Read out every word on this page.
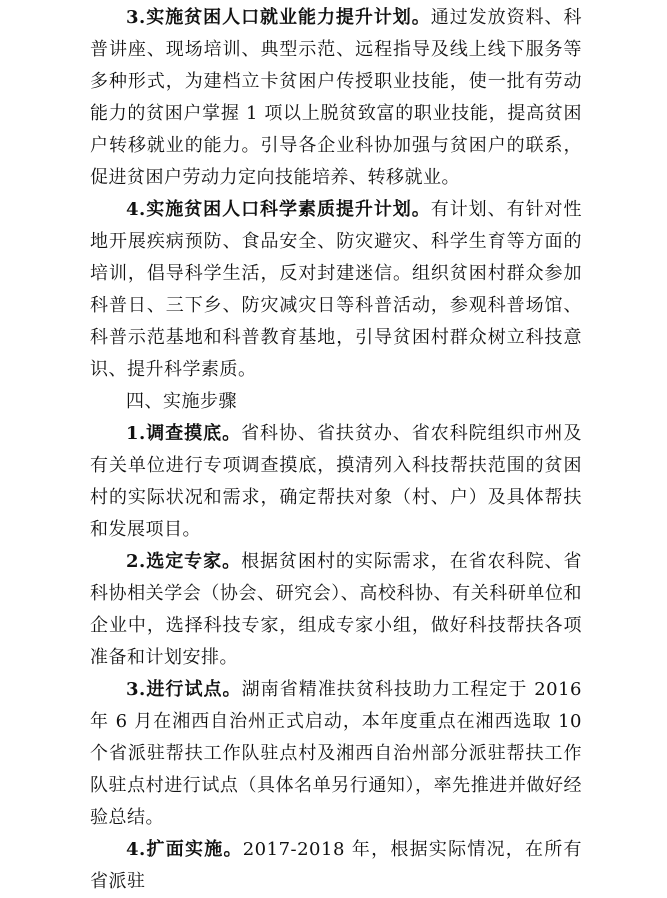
3.实施贫困人口就业能力提升计划。通过发放资料、科普讲座、现场培训、典型示范、远程指导及线上线下服务等多种形式，为建档立卡贫困户传授职业技能，使一批有劳动能力的贫困户掌握 1 项以上脱贫致富的职业技能，提高贫困户转移就业的能力。引导各企业科协加强与贫困户的联系，促进贫困户劳动力定向技能培养、转移就业。

4.实施贫困人口科学素质提升计划。有计划、有针对性地开展疾病预防、食品安全、防灾避灾、科学生育等方面的培训，倡导科学生活，反对封建迷信。组织贫困村群众参加科普日、三下乡、防灾减灾日等科普活动，参观科普场馆、科普示范基地和科普教育基地，引导贫困村群众树立科技意识、提升科学素质。

四、实施步骤

1.调查摸底。省科协、省扶贫办、省农科院组织市州及有关单位进行专项调查摸底，摸清列入科技帮扶范围的贫困村的实际状况和需求，确定帮扶对象（村、户）及具体帮扶和发展项目。

2.选定专家。根据贫困村的实际需求，在省农科院、省科协相关学会（协会、研究会）、高校科协、有关科研单位和企业中，选择科技专家，组成专家小组，做好科技帮扶各项准备和计划安排。

3.进行试点。湖南省精准扶贫科技助力工程定于 2016 年 6 月在湘西自治州正式启动，本年度重点在湘西选取 10 个省派驻帮扶工作队驻点村及湘西自治州部分派驻帮扶工作队驻点村进行试点（具体名单另行通知），率先推进并做好经验总结。

4.扩面实施。2017-2018 年，根据实际情况，在所有省派驻
